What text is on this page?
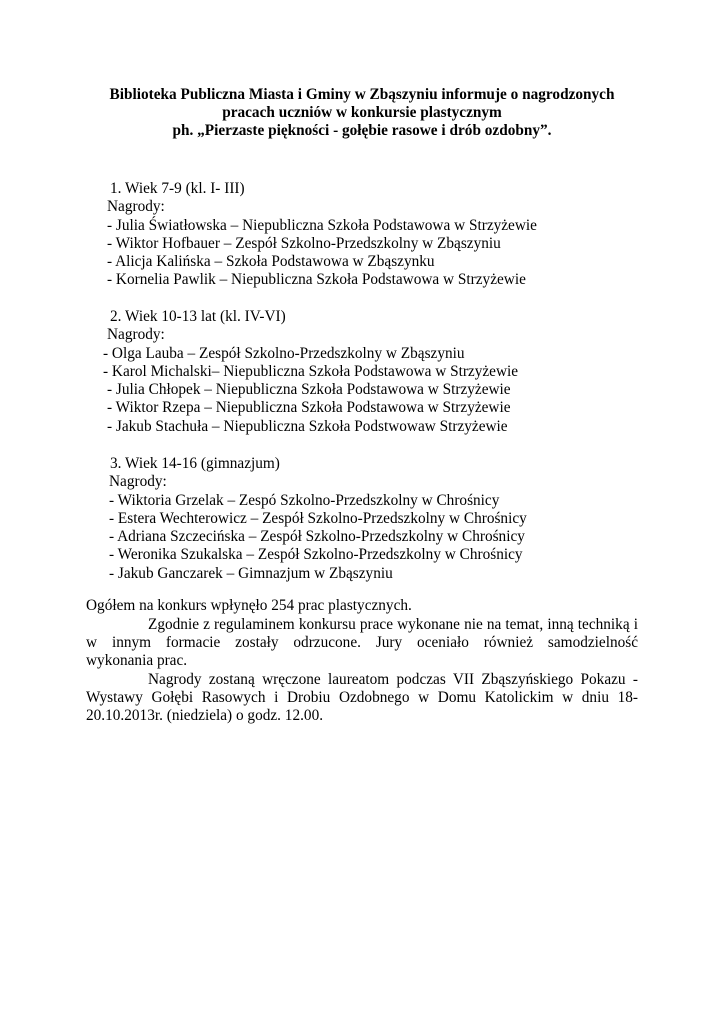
Biblioteka Publiczna Miasta i Gminy w Zbąszyniu informuje o nagrodzonych
pracach uczniów w konkursie plastycznym
ph. „Pierzaste piękności - gołębie rasowe i drób ozdobny”.
1. Wiek 7-9 (kl. I- III)
Nagrody:
- Julia Światłowska – Niepubliczna Szkoła Podstawowa w Strzyżewie
- Wiktor Hofbauer – Zespół Szkolno-Przedszkolny w Zbąszyniu
- Alicja Kalińska – Szkoła Podstawowa w Zbąszynku
- Kornelia Pawlik – Niepubliczna Szkoła Podstawowa w Strzyżewie
2. Wiek 10-13 lat (kl. IV-VI)
Nagrody:
- Olga Lauba – Zespół Szkolno-Przedszkolny w Zbąszyniu
- Karol Michalski– Niepubliczna Szkoła Podstawowa w Strzyżewie
- Julia Chłopek – Niepubliczna Szkoła Podstawowa w Strzyżewie
- Wiktor Rzepa – Niepubliczna Szkoła Podstawowa w Strzyżewie
- Jakub Stachuła – Niepubliczna Szkoła Podstwowaw Strzyżewie
3. Wiek 14-16 (gimnazjum)
Nagrody:
- Wiktoria Grzelak – Zespó Szkolno-Przedszkolny w Chrośnicy
- Estera Wechterowicz – Zespół Szkolno-Przedszkolny w Chrośnicy
- Adriana Szczecińska – Zespół Szkolno-Przedszkolny w Chrośnicy
- Weronika Szukalska – Zespół Szkolno-Przedszkolny w Chrośnicy
- Jakub Ganczarek – Gimnazjum w Zbąszyniu
Ogółem na konkurs wpłynęło 254 prac plastycznych.
Zgodnie z regulaminem konkursu prace wykonane nie na temat, inną techniką i
w innym formacie zostały odrzucone. Jury oceniało również samodzielność
wykonania prac.
Nagrody zostaną wręczone laureatom podczas VII Zbąszyńskiego Pokazu -
Wystawy Gołębi Rasowych i Drobiu Ozdobnego w Domu Katolickim w dniu 18-
20.10.2013r. (niedziela) o godz. 12.00.
